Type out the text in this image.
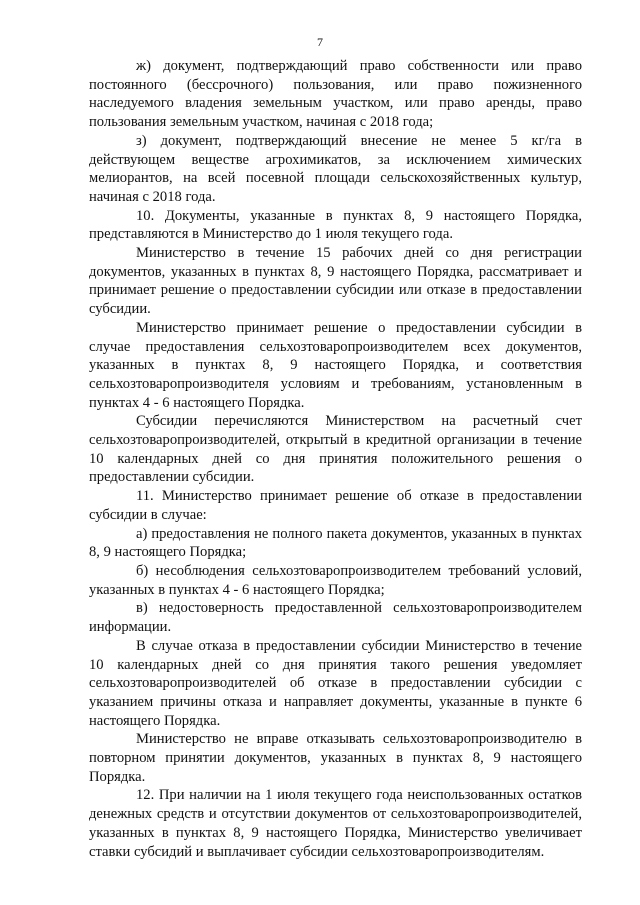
7

ж) документ, подтверждающий право собственности или право постоянного (бессрочного) пользования, или право пожизненного наследуемого владения земельным участком, или право аренды, право пользования земельным участком, начиная с 2018 года;

з) документ, подтверждающий внесение не менее 5 кг/га в действующем веществе агрохимикатов, за исключением химических мелиорантов, на всей посевной площади сельскохозяйственных культур, начиная с 2018 года.

10. Документы, указанные в пунктах 8, 9 настоящего Порядка, представляются в Министерство до 1 июля текущего года.

Министерство в течение 15 рабочих дней со дня регистрации документов, указанных в пунктах 8, 9 настоящего Порядка, рассматривает и принимает решение о предоставлении субсидии или отказе в предоставлении субсидии.

Министерство принимает решение о предоставлении субсидии в случае предоставления сельхозтоваропроизводителем всех документов, указанных в пунктах 8, 9 настоящего Порядка, и соответствия сельхозтоваропроизводителя условиям и требованиям, установленным в пунктах 4 - 6 настоящего Порядка.

Субсидии перечисляются Министерством на расчетный счет сельхозтоваропроизводителей, открытый в кредитной организации в течение 10 календарных дней со дня принятия положительного решения о предоставлении субсидии.

11. Министерство принимает решение об отказе в предоставлении субсидии в случае:

а) предоставления не полного пакета документов, указанных в пунктах 8, 9 настоящего Порядка;

б) несоблюдения сельхозтоваропроизводителем требований условий, указанных в пунктах 4 - 6 настоящего Порядка;

в) недостоверность предоставленной сельхозтоваропроизводителем информации.

В случае отказа в предоставлении субсидии Министерство в течение 10 календарных дней со дня принятия такого решения уведомляет сельхозтоваропроизводителей об отказе в предоставлении субсидии с указанием причины отказа и направляет документы, указанные в пункте 6 настоящего Порядка.

Министерство не вправе отказывать сельхозтоваропроизводителю в повторном принятии документов, указанных в пунктах 8, 9 настоящего Порядка.

12. При наличии на 1 июля текущего года неиспользованных остатков денежных средств и отсутствии документов от сельхозтоваропроизводителей, указанных в пунктах 8, 9 настоящего Порядка, Министерство увеличивает ставки субсидий и выплачивает субсидии сельхозтоваропроизводителям.
